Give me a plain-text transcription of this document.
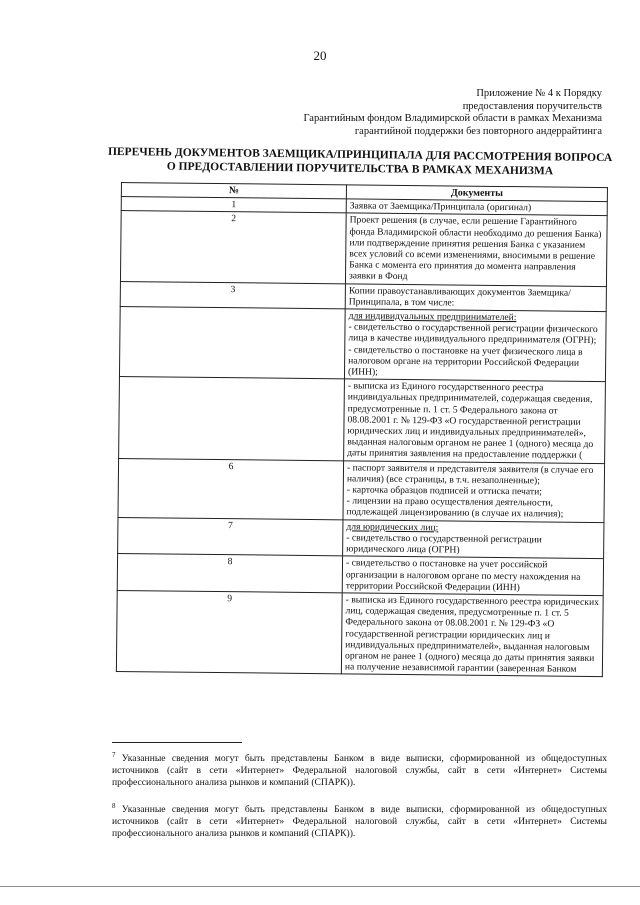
20
Приложение № 4 к Порядку
предоставления поручительств
Гарантийным фондом Владимирской области в рамках Механизма
гарантийной поддержки без повторного андеррайтинга
ПЕРЕЧЕНЬ ДОКУМЕНТОВ ЗАЕМЩИКА/ПРИНЦИПАЛА ДЛЯ РАССМОТРЕНИЯ ВОПРОСА
О ПРЕДОСТАВЛЕНИИ ПОРУЧИТЕЛЬСТВА В РАМКАХ МЕХАНИЗМА
№	Документы
1	Заявка от Заемщика/Принципала (оригинал)

2	Проект решения (в случае, если решение Гарантийного фонда Владимирской области необходимо до решения Банка) или подтверждение принятия решения Банка с указанием всех условий со всеми изменениями, вносимыми в решение Банка с момента его принятия до момента направления заявки в Фонд

3	Копии правоустанавливающих документов Заемщика/Принципала, в том числе:

	для индивидуальных предпринимателей:
- свидетельство о государственной регистрации физического лица в качестве индивидуального предпринимателя (ОГРН);
- свидетельство о постановке на учет физического лица в налоговом органе на территории Российской Федерации (ИНН);

	- выписка из Единого государственного реестра индивидуальных предпринимателей, содержащая сведения, предусмотренные п. 1 ст. 5 Федерального закона от 08.08.2001 г. № 129-ФЗ «О государственной регистрации юридических лиц и индивидуальных предпринимателей», выданная налоговым органом не ранее 1 (одного) месяца до даты принятия заявления на предоставление поддержки (

6	- паспорт заявителя и представителя заявителя (в случае его наличия) (все страницы, в т.ч. незаполненные);
- карточка образцов подписей и оттиска печати;
- лицензии на право осуществления деятельности, подлежащей лицензированию (в случае их наличия);

7	для юридических лиц:
- свидетельство о государственной регистрации юридического лица (ОГРН)

8	- свидетельство о постановке на учет российской организации в налоговом органе по месту нахождения на территории Российской Федерации (ИНН)

9	- выписка из Единого государственного реестра юридических лиц, содержащая сведения, предусмотренные п. 1 ст. 5 Федерального закона от 08.08.2001 г. № 129-ФЗ «О государственной регистрации юридических лиц и индивидуальных предпринимателей», выданная налоговым органом не ранее 1 (одного) месяца до даты принятия заявки на получение независимой гарантии (заверенная Банком
$^7$ Указанные сведения могут быть представлены Банком в виде выписки, сформированной из общедоступных источников (сайт в сети «Интернет» Федеральной налоговой службы, сайт в сети «Интернет» Системы профессионального анализа рынков и компаний (СПАРК)).
$^8$ Указанные сведения могут быть представлены Банком в виде выписки, сформированной из общедоступных источников (сайт в сети «Интернет» Федеральной налоговой службы, сайт в сети «Интернет» Системы профессионального анализа рынков и компаний (СПАРК)).
